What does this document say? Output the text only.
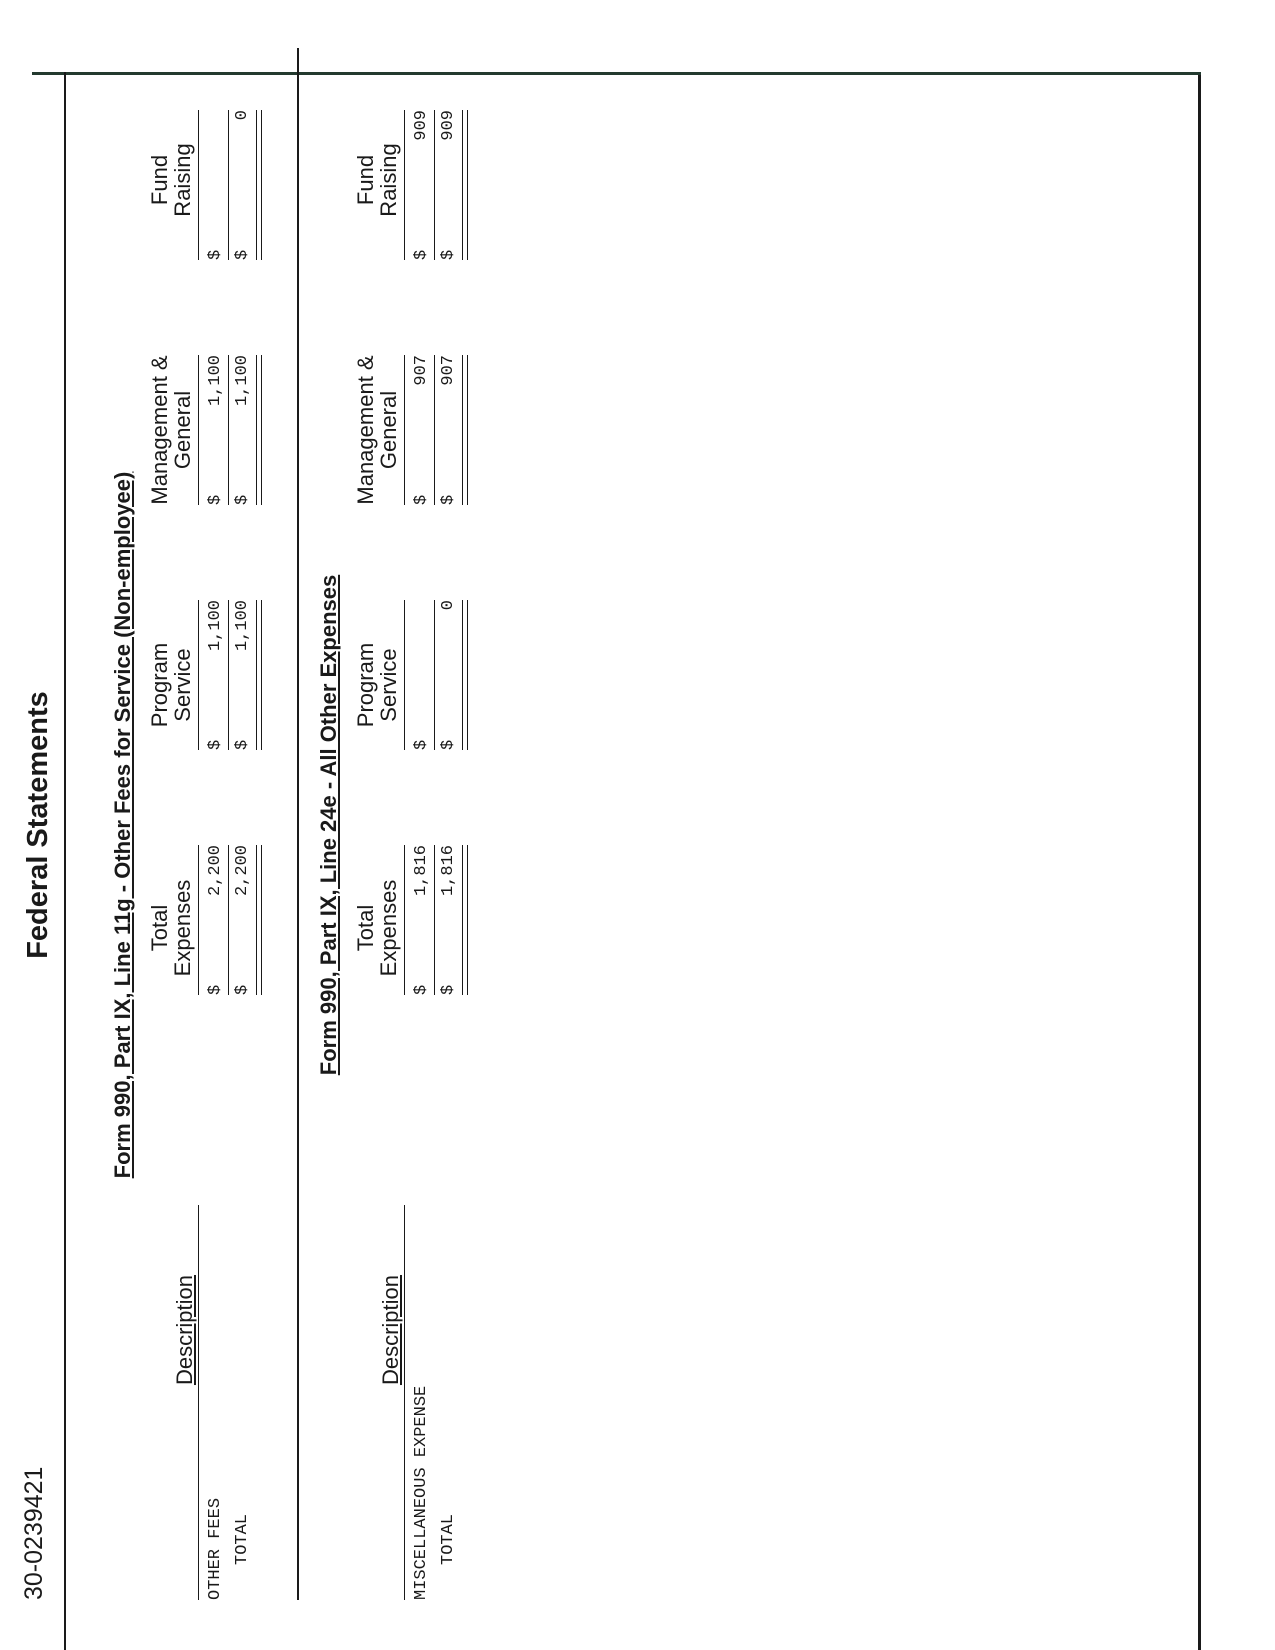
30-0239421
Federal Statements	Form 990, Part IX, Line 11g - Other Fees for Service (Non-employee)
Description
Total
Expenses
Program
Service
Management &
General
Fund
Raising
OTHER FEES
$
2,200
$
1,100
$
1,100
$
TOTAL
$
2,200
$
1,100
$
1,100
$
0
Form 990, Part IX, Line 24e - All Other Expenses
Description
Total
Expenses
Program
Service
Management &
General
Fund
Raising
MISCELLANEOUS EXPENSE
$
1,816
$
$
907
$
909
TOTAL
$
1,816
$
0
$
907
$
909
